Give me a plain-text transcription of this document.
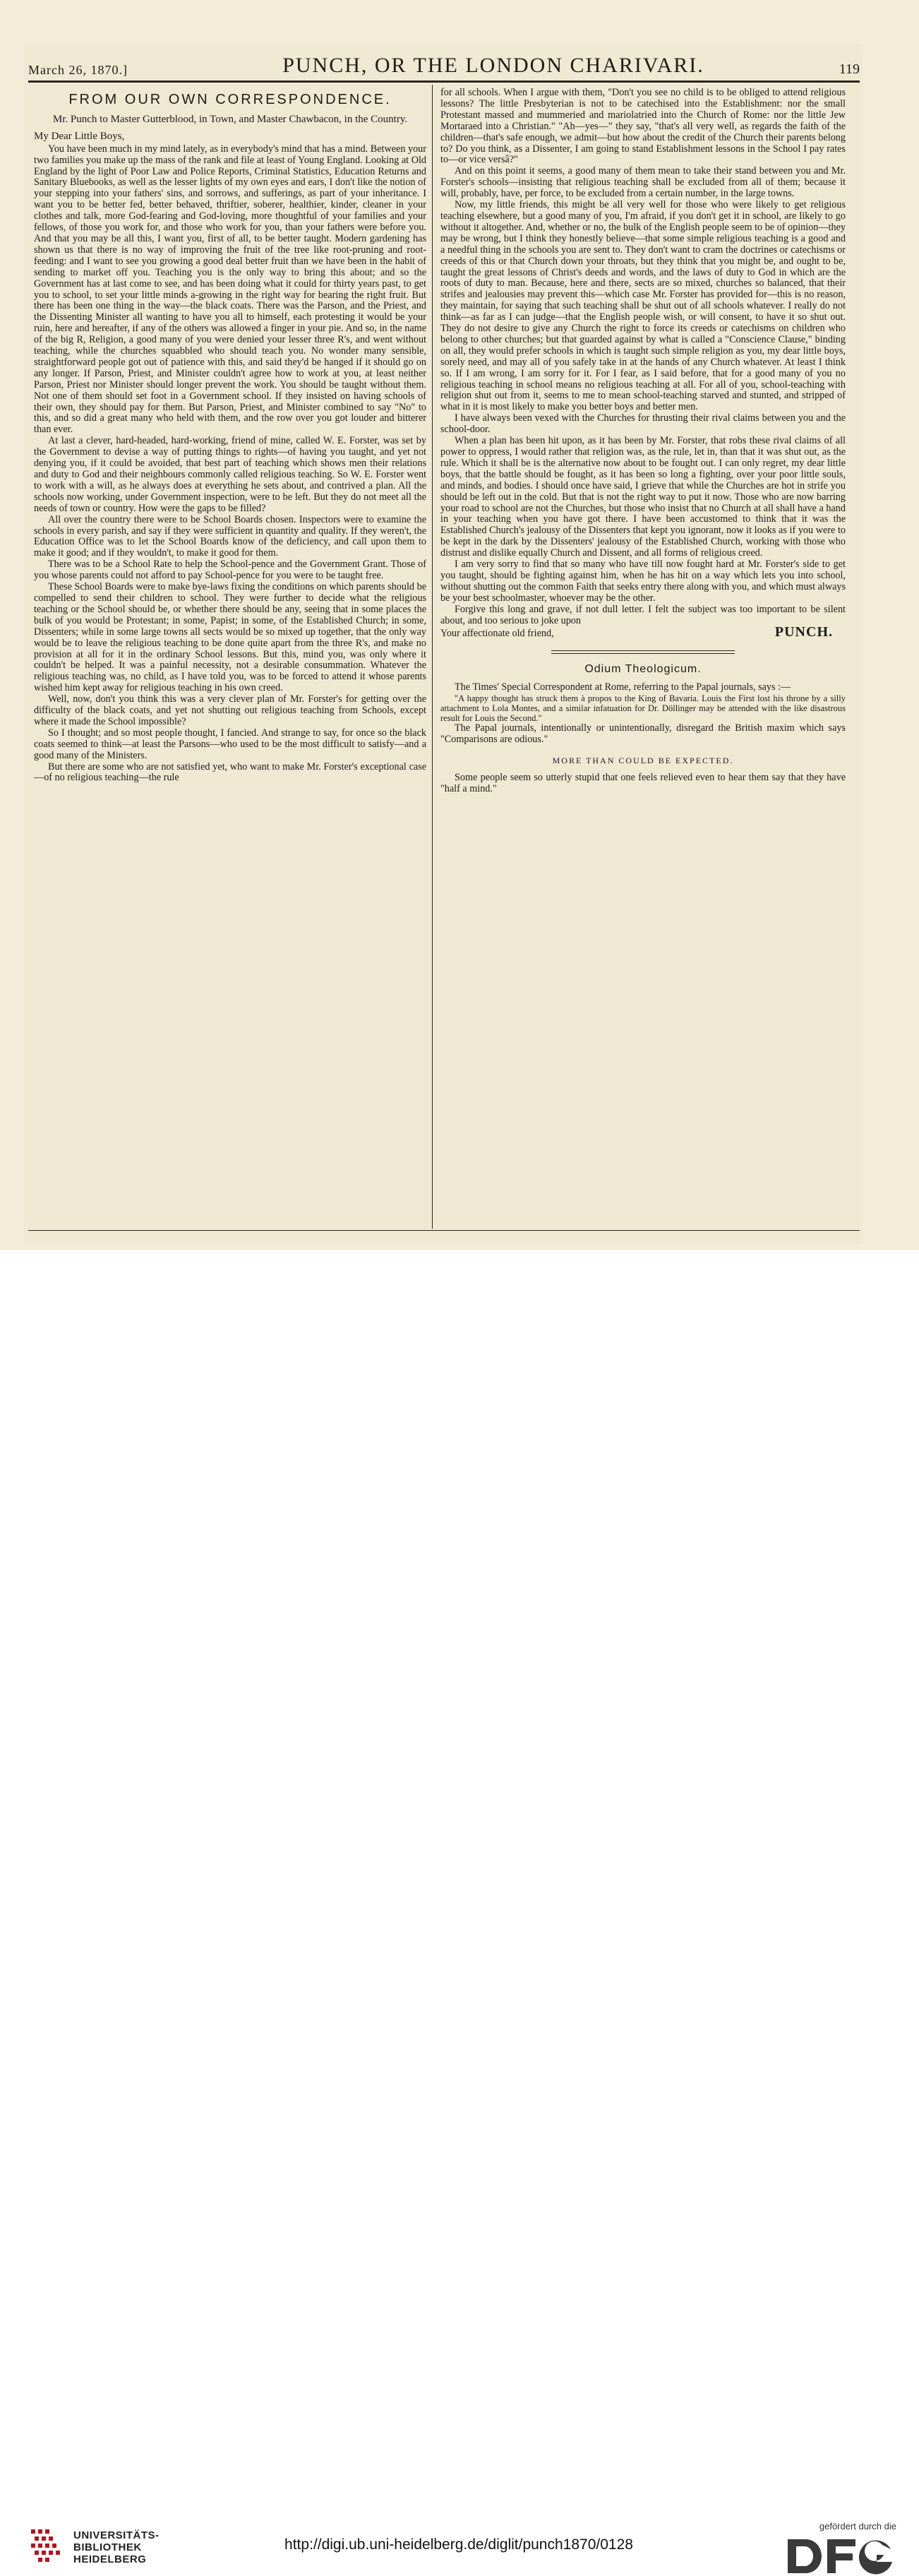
March 26, 1870.]	PUNCH, OR THE LONDON CHARIVARI.	119
FROM OUR OWN CORRESPONDENCE.
Mr. Punch to Master Gutterblood, in Town, and Master Chawbacon, in the Country.
My Dear Little Boys,

You have been much in my mind lately, as in everybody's mind that has a mind. Between your two families you make up the mass of the rank and file at least of Young England. Looking at Old England by the light of Poor Law and Police Reports, Criminal Statistics, Education Returns and Sanitary Bluebooks, as well as the lesser lights of my own eyes and ears, I don't like the notion of your stepping into your fathers' sins, and sorrows, and sufferings, as part of your inheritance. I want you to be better fed, better behaved, thriftier, soberer, healthier, kinder, cleaner in your clothes and talk, more God-fearing and God-loving, more thoughtful of your families and your fellows, of those you work for, and those who work for you, than your fathers were before you. And that you may be all this, I want you, first of all, to be better taught. Modern gardening has shown us that there is no way of improving the fruit of the tree like root-pruning and root-feeding: and I want to see you growing a good deal better fruit than we have been in the habit of sending to market off you. Teaching you is the only way to bring this about; and so the Government has at last come to see, and has been doing what it could for thirty years past, to get you to school, to set your little minds a-growing in the right way for bearing the right fruit. But there has been one thing in the way—the black coats. There was the Parson, and the Priest, and the Dissenting Minister all wanting to have you all to himself, each protesting it would be your ruin, here and hereafter, if any of the others was allowed a finger in your pie. And so, in the name of the big R, Religion, a good many of you were denied your lesser three R's, and went without teaching, while the churches squabbled who should teach you. No wonder many sensible, straightforward people got out of patience with this, and said they'd be hanged if it should go on any longer. If Parson, Priest, and Minister couldn't agree how to work at you, at least neither Parson, Priest nor Minister should longer prevent the work. You should be taught without them. Not one of them should set foot in a Government school. If they insisted on having schools of their own, they should pay for them. But Parson, Priest, and Minister combined to say "No" to this, and so did a great many who held with them, and the row over you got louder and bitterer than ever.

At last a clever, hard-headed, hard-working, friend of mine, called W. E. Forster, was set by the Government to devise a way of putting things to rights—of having you taught, and yet not denying you, if it could be avoided, that best part of teaching which shows men their relations and duty to God and their neighbours commonly called religious teaching. So W. E. Forster went to work with a will, as he always does at everything he sets about, and contrived a plan. All the schools now working, under Government inspection, were to be left. But they do not meet all the needs of town or country. How were the gaps to be filled?

All over the country there were to be School Boards chosen. Inspectors were to examine the schools in every parish, and say if they were sufficient in quantity and quality. If they weren't, the Education Office was to let the School Boards know of the deficiency, and call upon them to make it good; and if they wouldn't, to make it good for them.

There was to be a School Rate to help the School-pence and the Government Grant. Those of you whose parents could not afford to pay School-pence for you were to be taught free.

These School Boards were to make bye-laws fixing the conditions on which parents should be compelled to send their children to school. They were further to decide what the religious teaching or the School should be, or whether there should be any, seeing that in some places the bulk of you would be Protestant; in some, Papist; in some, of the Established Church; in some, Dissenters; while in some large towns all sects would be so mixed up together, that the only way would be to leave the religious teaching to be done quite apart from the three R's, and make no provision at all for it in the ordinary School lessons. But this, mind you, was only where it couldn't be helped. It was a painful necessity, not a desirable consummation. Whatever the religious teaching was, no child, as I have told you, was to be forced to attend it whose parents wished him kept away for religious teaching in his own creed.

Well, now, don't you think this was a very clever plan of Mr. Forster's for getting over the difficulty of the black coats, and yet not shutting out religious teaching from Schools, except where it made the School impossible?

So I thought; and so most people thought, I fancied. And strange to say, for once so the black coats seemed to think—at least the Parsons—who used to be the most difficult to satisfy—and a good many of the Ministers.

But there are some who are not satisfied yet, who want to make Mr. Forster's exceptional case—of no religious teaching—the rule

for all schools. When I argue with them, "Don't you see no child is to be obliged to attend religious lessons? The little Presbyterian is not to be catechised into the Establishment: nor the small Protestant massed and mummeried and mariolatried into the Church of Rome: nor the little Jew Mortaraed into a Christian." "Ah—yes—" they say, "that's all very well, as regards the faith of the children—that's safe enough, we admit—but how about the credit of the Church their parents belong to? Do you think, as a Dissenter, I am going to stand Establishment lessons in the School I pay rates to—or vice versâ?"

And on this point it seems, a good many of them mean to take their stand between you and Mr. Forster's schools—insisting that religious teaching shall be excluded from all of them; because it will, probably, have, per force, to be excluded from a certain number, in the large towns.

Now, my little friends, this might be all very well for those who were likely to get religious teaching elsewhere, but a good many of you, I'm afraid, if you don't get it in school, are likely to go without it altogether. And, whether or no, the bulk of the English people seem to be of opinion—they may be wrong, but I think they honestly believe—that some simple religious teaching is a good and a needful thing in the schools you are sent to. They don't want to cram the doctrines or catechisms or creeds of this or that Church down your throats, but they think that you might be, and ought to be, taught the great lessons of Christ's deeds and words, and the laws of duty to God in which are the roots of duty to man. Because, here and there, sects are so mixed, churches so balanced, that their strifes and jealousies may prevent this—which case Mr. Forster has provided for—this is no reason, they maintain, for saying that such teaching shall be shut out of all schools whatever. I really do not think—as far as I can judge—that the English people wish, or will consent, to have it so shut out. They do not desire to give any Church the right to force its creeds or catechisms on children who belong to other churches; but that guarded against by what is called a "Conscience Clause," binding on all, they would prefer schools in which is taught such simple religion as you, my dear little boys, sorely need, and may all of you safely take in at the hands of any Church whatever. At least I think so. If I am wrong, I am sorry for it. For I fear, as I said before, that for a good many of you no religious teaching in school means no religious teaching at all. For all of you, school-teaching with religion shut out from it, seems to me to mean school-teaching starved and stunted, and stripped of what in it is most likely to make you better boys and better men.

I have always been vexed with the Churches for thrusting their rival claims between you and the school-door.

When a plan has been hit upon, as it has been by Mr. Forster, that robs these rival claims of all power to oppress, I would rather that religion was, as the rule, let in, than that it was shut out, as the rule. Which it shall be is the alternative now about to be fought out. I can only regret, my dear little boys, that the battle should be fought, as it has been so long a fighting, over your poor little souls, and minds, and bodies. I should once have said, I grieve that while the Churches are hot in strife you should be left out in the cold. But that is not the right way to put it now. Those who are now barring your road to school are not the Churches, but those who insist that no Church at all shall have a hand in your teaching when you have got there. I have been accustomed to think that it was the Established Church's jealousy of the Dissenters that kept you ignorant, now it looks as if you were to be kept in the dark by the Dissenters' jealousy of the Established Church, working with those who distrust and dislike equally Church and Dissent, and all forms of religious creed.

I am very sorry to find that so many who have till now fought hard at Mr. Forster's side to get you taught, should be fighting against him, when he has hit on a way which lets you into school, without shutting out the common Faith that seeks entry there along with you, and which must always be your best schoolmaster, whoever may be the other.

Forgive this long and grave, if not dull letter. I felt the subject was too important to be silent about, and too serious to joke upon

Your affectionate old friend,	PUNCH.
Odium Theologicum.

The Times' Special Correspondent at Rome, referring to the Papal journals, says :—

"A happy thought has struck them à propos to the King of Bavaria. Louis the First lost his throne by a silly attachment to Lola Montes, and a similar infatuation for Dr. Döllinger may be attended with the like disastrous result for Louis the Second."

The Papal journals, intentionally or unintentionally, disregard the British maxim which says "Comparisons are odious."

MORE THAN COULD BE EXPECTED.

Some people seem so utterly stupid that one feels relieved even to hear them say that they have "half a mind."

UNIVERSITÄTS-
BIBLIOTHEK
HEIDELBERG
http://digi.ub.uni-heidelberg.de/diglit/punch1870/0128
gefördert durch die
